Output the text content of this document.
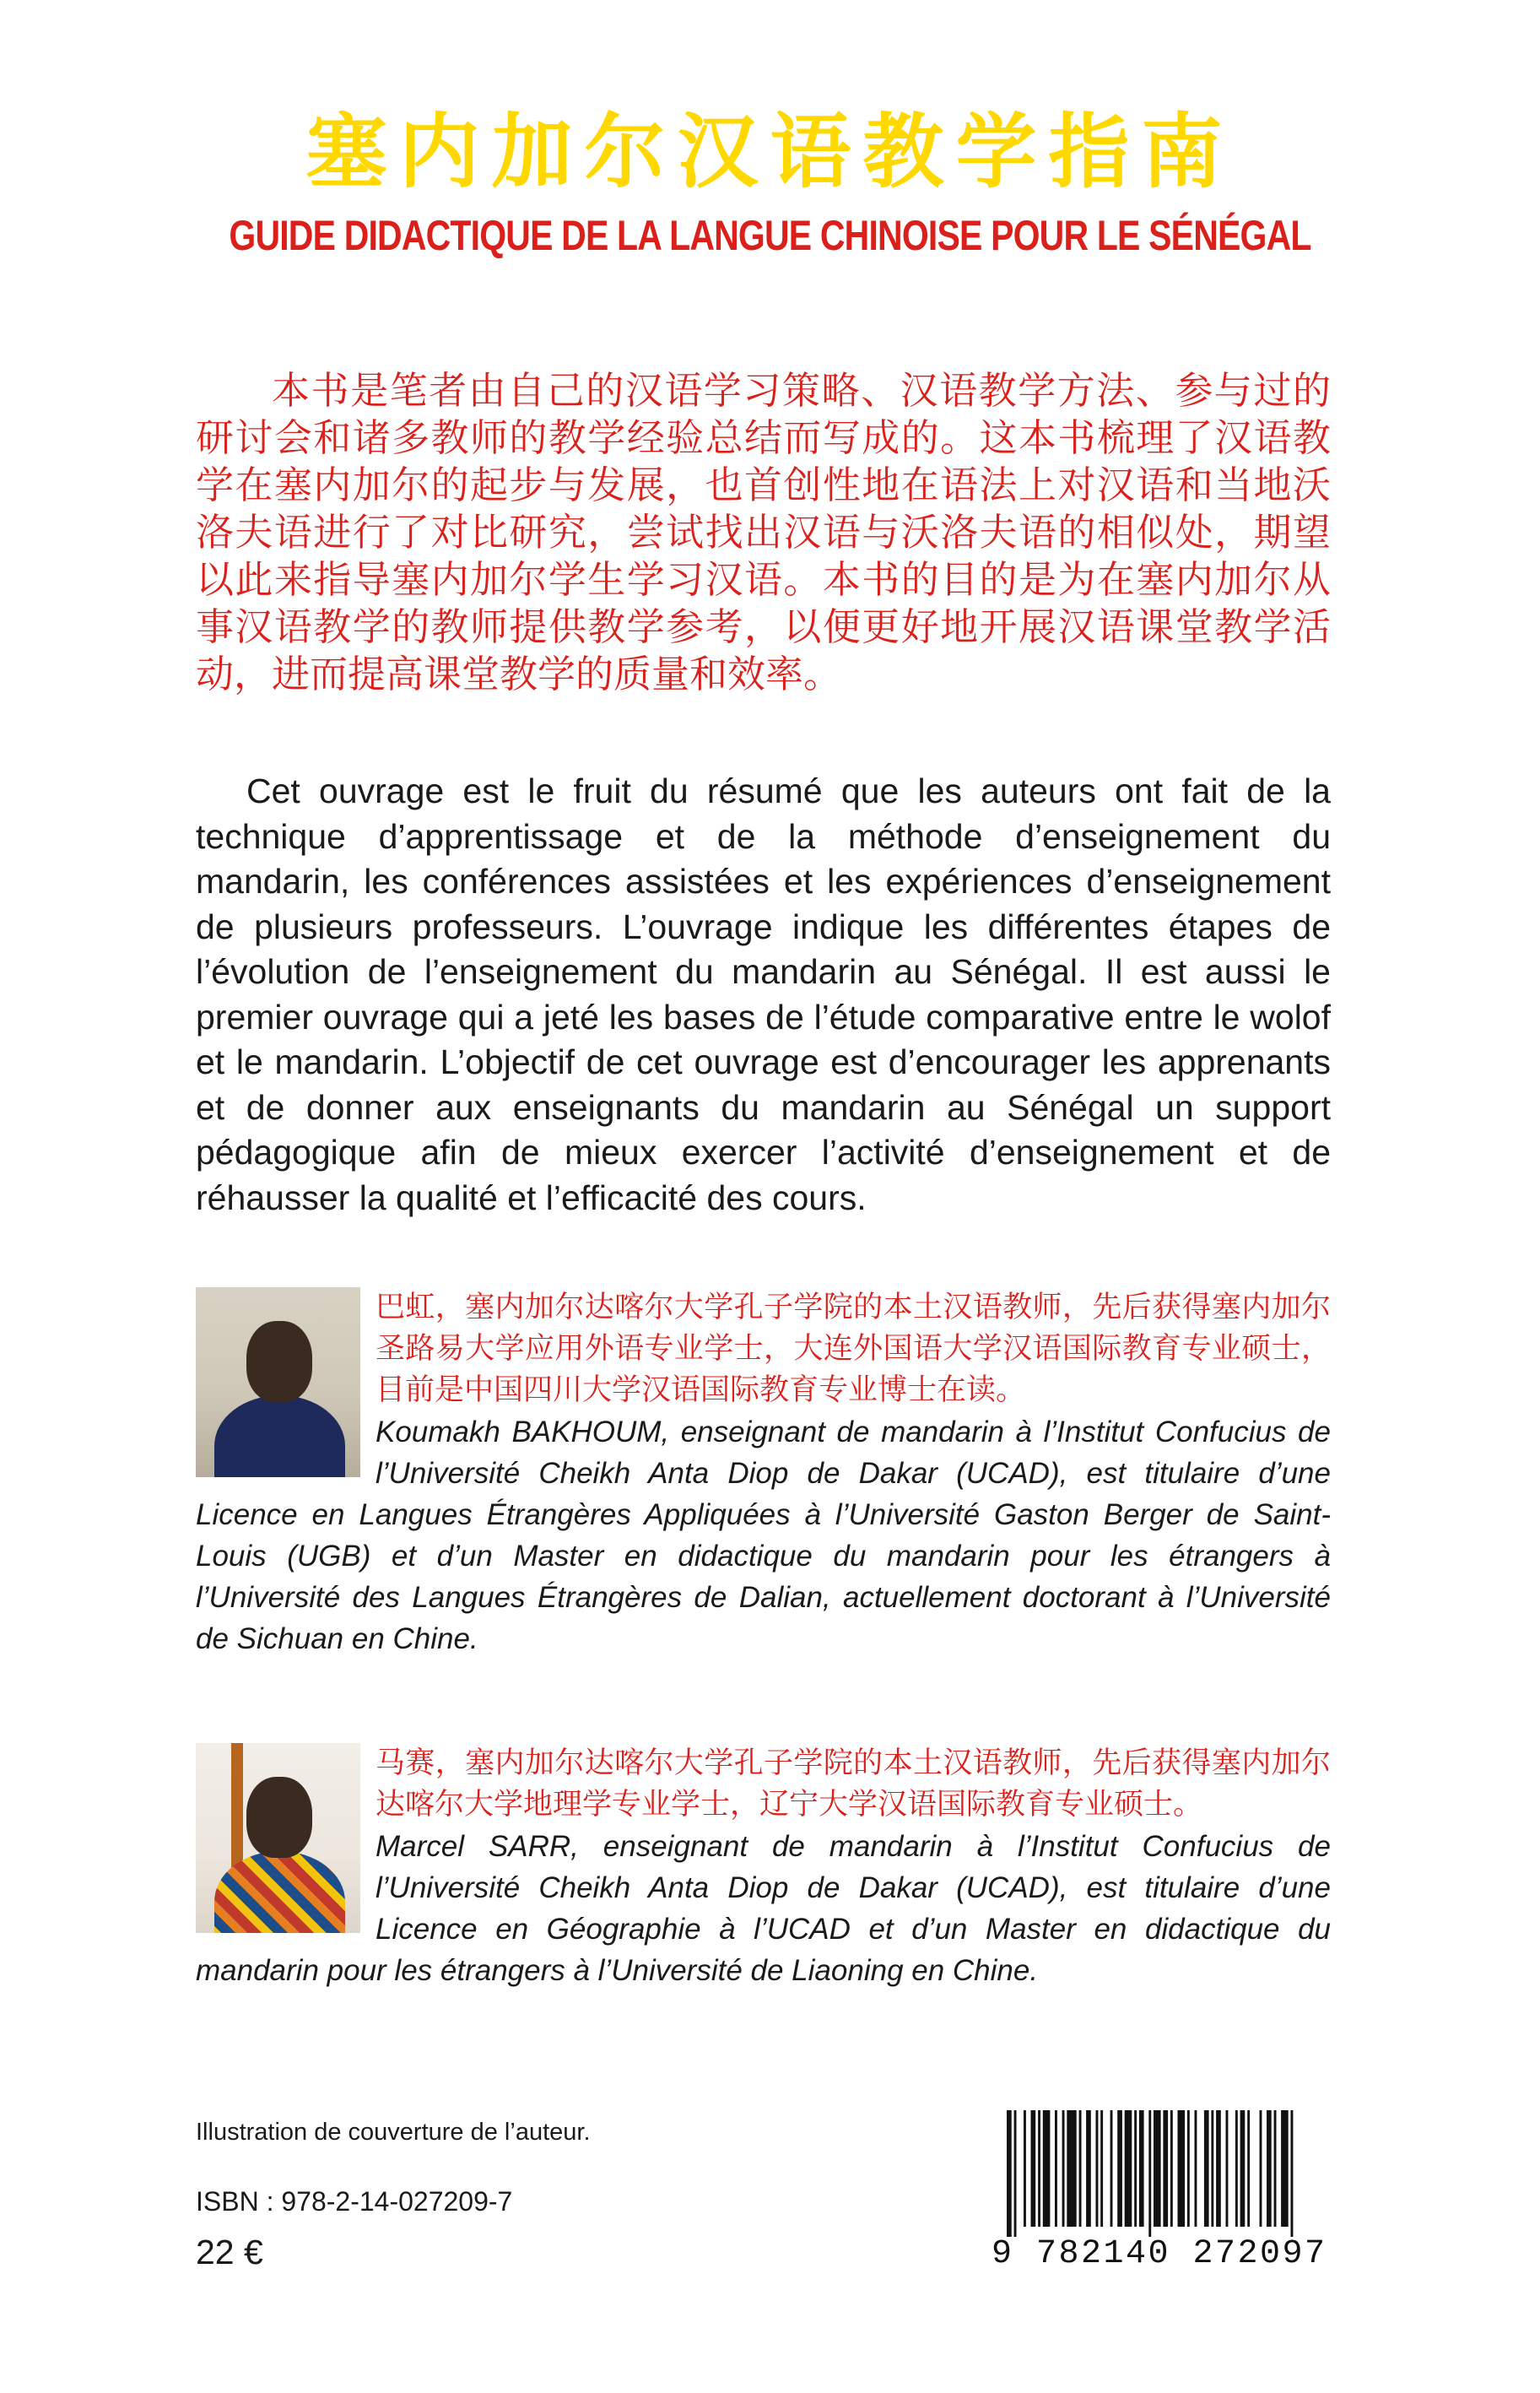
塞内加尔汉语教学指南
GUIDE DIDACTIQUE DE LA LANGUE CHINOISE POUR LE SÉNÉGAL

本书是笔者由自己的汉语学习策略、汉语教学方法、参与过的研讨会和诸多教师的教学经验总结而写成的。这本书梳理了汉语教学在塞内加尔的起步与发展，也首创性地在语法上对汉语和当地沃洛夫语进行了对比研究，尝试找出汉语与沃洛夫语的相似处，期望以此来指导塞内加尔学生学习汉语。本书的目的是为在塞内加尔从事汉语教学的教师提供教学参考，以便更好地开展汉语课堂教学活动，进而提高课堂教学的质量和效率。

Cet ouvrage est le fruit du résumé que les auteurs ont fait de la technique d’apprentissage et de la méthode d’enseignement du mandarin, les conférences assistées et les expériences d’enseignement de plusieurs professeurs. L’ouvrage indique les différentes étapes de l’évolution de l’enseignement du mandarin au Sénégal. Il est aussi le premier ouvrage qui a jeté les bases de l’étude comparative entre le wolof et le mandarin. L’objectif de cet ouvrage est d’encourager les apprenants et de donner aux enseignants du mandarin au Sénégal un support pédagogique afin de mieux exercer l’activité d’enseignement et de réhausser la qualité et l’efficacité des cours.

巴虹，塞内加尔达喀尔大学孔子学院的本土汉语教师，先后获得塞内加尔圣路易大学应用外语专业学士，大连外国语大学汉语国际教育专业硕士，目前是中国四川大学汉语国际教育专业博士在读。
Koumakh BAKHOUM, enseignant de mandarin à l’Institut Confucius de l’Université Cheikh Anta Diop de Dakar (UCAD), est titulaire d’une Licence en Langues Étrangères Appliquées à l’Université Gaston Berger de Saint-Louis (UGB) et d’un Master en didactique du mandarin pour les étrangers à l’Université des Langues Étrangères de Dalian, actuellement doctorant à l’Université de Sichuan en Chine.
马赛，塞内加尔达喀尔大学孔子学院的本土汉语教师，先后获得塞内加尔达喀尔大学地理学专业学士，辽宁大学汉语国际教育专业硕士。
Marcel SARR, enseignant de mandarin à l’Institut Confucius de l’Université Cheikh Anta Diop de Dakar (UCAD), est titulaire d’une Licence en Géographie à l’UCAD et d’un Master en didactique du mandarin pour les étrangers à l’Université de Liaoning en Chine.
Illustration de couverture de l’auteur.
ISBN : 978-2-14-027209-7
22 €	9 782140 272097
